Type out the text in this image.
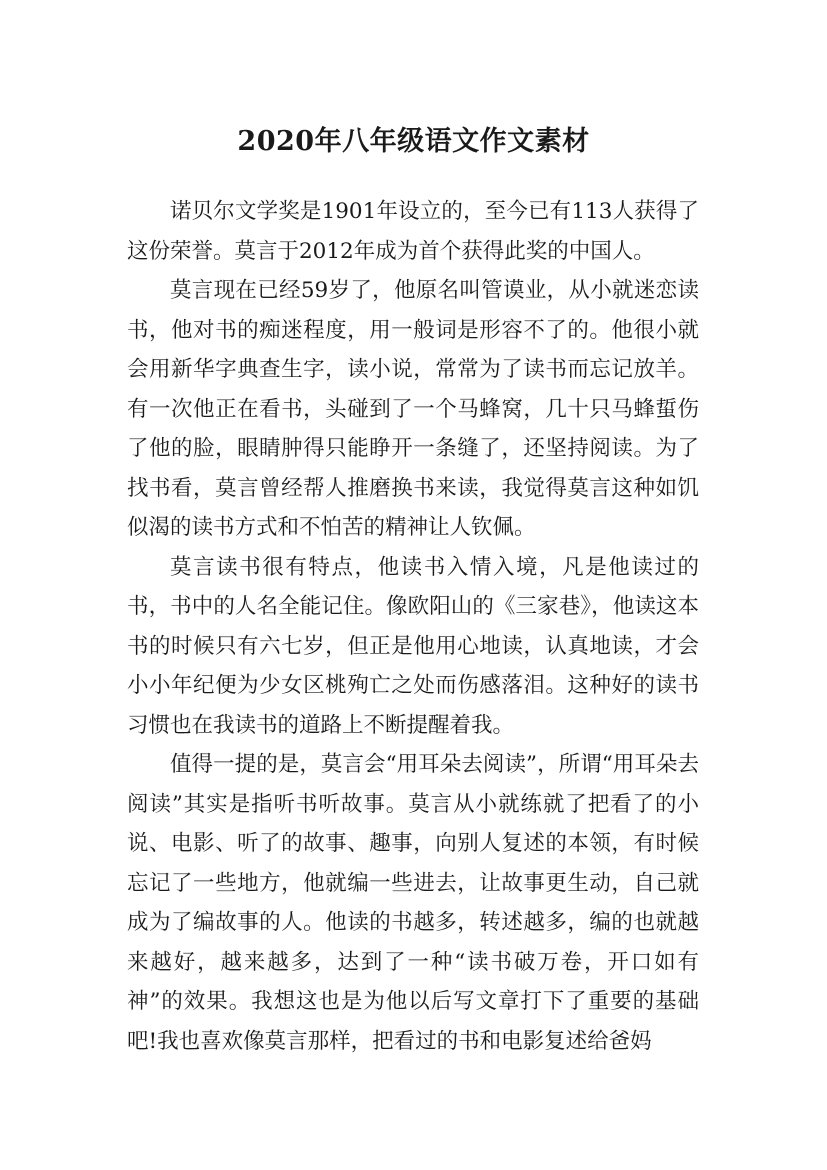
2020年八年级语文作文素材

诺贝尔文学奖是1901年设立的，至今已有113人获得了这份荣誉。莫言于2012年成为首个获得此奖的中国人。

莫言现在已经59岁了，他原名叫管谟业，从小就迷恋读书，他对书的痴迷程度，用一般词是形容不了的。他很小就会用新华字典查生字，读小说，常常为了读书而忘记放羊。有一次他正在看书，头碰到了一个马蜂窝，几十只马蜂蜇伤了他的脸，眼睛肿得只能睁开一条缝了，还坚持阅读。为了找书看，莫言曾经帮人推磨换书来读，我觉得莫言这种如饥似渴的读书方式和不怕苦的精神让人钦佩。

莫言读书很有特点，他读书入情入境，凡是他读过的书，书中的人名全能记住。像欧阳山的《三家巷》，他读这本书的时候只有六七岁，但正是他用心地读，认真地读，才会小小年纪便为少女区桃殉亡之处而伤感落泪。这种好的读书习惯也在我读书的道路上不断提醒着我。

值得一提的是，莫言会“用耳朵去阅读”，所谓“用耳朵去阅读”其实是指听书听故事。莫言从小就练就了把看了的小说、电影、听了的故事、趣事，向别人复述的本领，有时候忘记了一些地方，他就编一些进去，让故事更生动，自己就成为了编故事的人。他读的书越多，转述越多，编的也就越来越好，越来越多，达到了一种“读书破万卷，开口如有神”的效果。我想这也是为他以后写文章打下了重要的基础吧!我也喜欢像莫言那样，把看过的书和电影复述给爸妈
